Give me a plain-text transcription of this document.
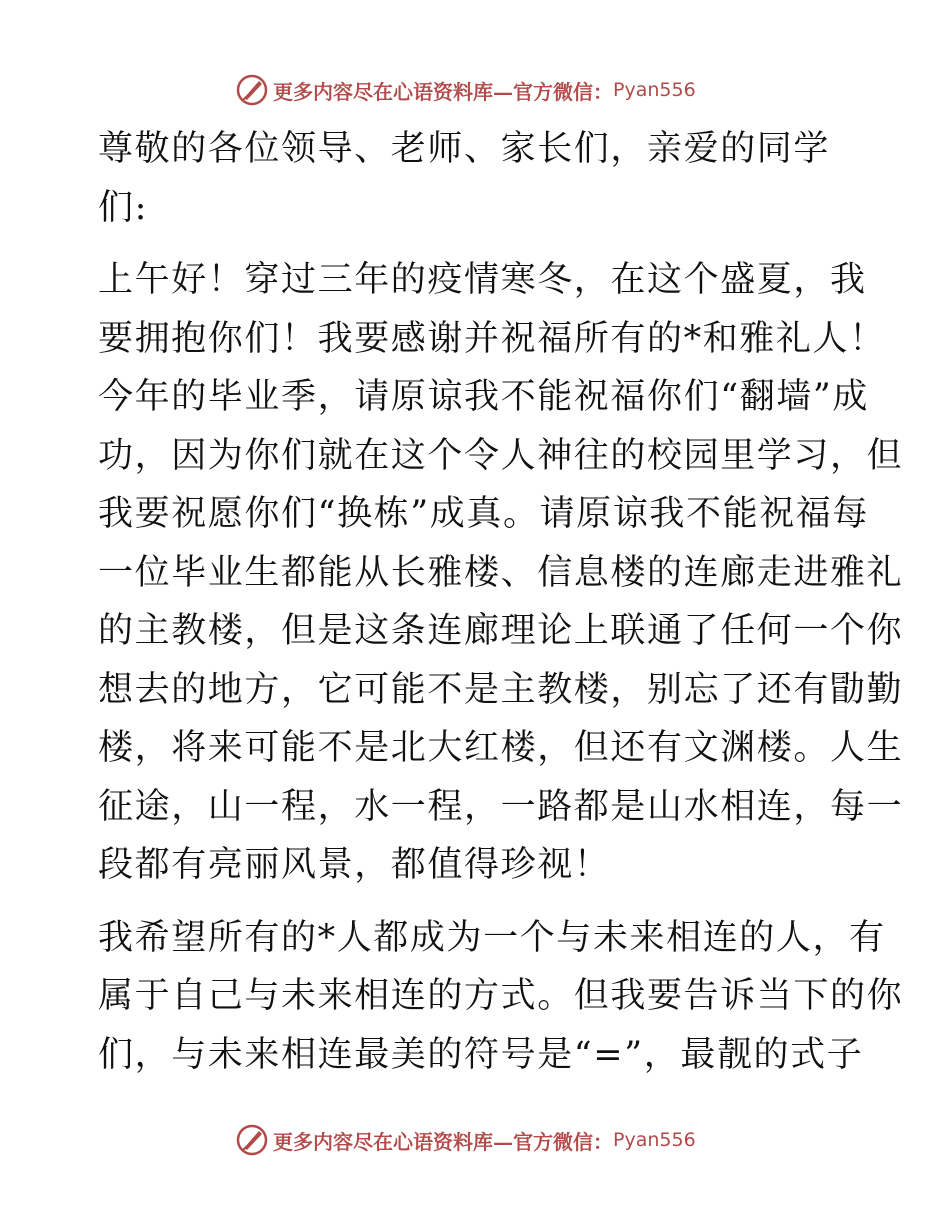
更多内容尽在心语资料库—官方微信： Pyan556

尊敬的各位领导、老师、家长们，亲爱的同学
们:

上午好！穿过三年的疫情寒冬，在这个盛夏，我
要拥抱你们！我要感谢并祝福所有的*和雅礼人！
今年的毕业季，请原谅我不能祝福你们“翻墙”成
功，因为你们就在这个令人神往的校园里学习，但
我要祝愿你们“换栋”成真。请原谅我不能祝福每
一位毕业生都能从长雅楼、信息楼的连廊走进雅礼
的主教楼，但是这条连廊理论上联通了任何一个你
想去的地方，它可能不是主教楼，别忘了还有勖勤
楼，将来可能不是北大红楼，但还有文渊楼。人生
征途，山一程，水一程，一路都是山水相连，每一
段都有亮丽风景，都值得珍视！

我希望所有的*人都成为一个与未来相连的人，有
属于自己与未来相连的方式。但我要告诉当下的你
们，与未来相连最美的符号是“=”，最靓的式子

更多内容尽在心语资料库—官方微信： Pyan556
